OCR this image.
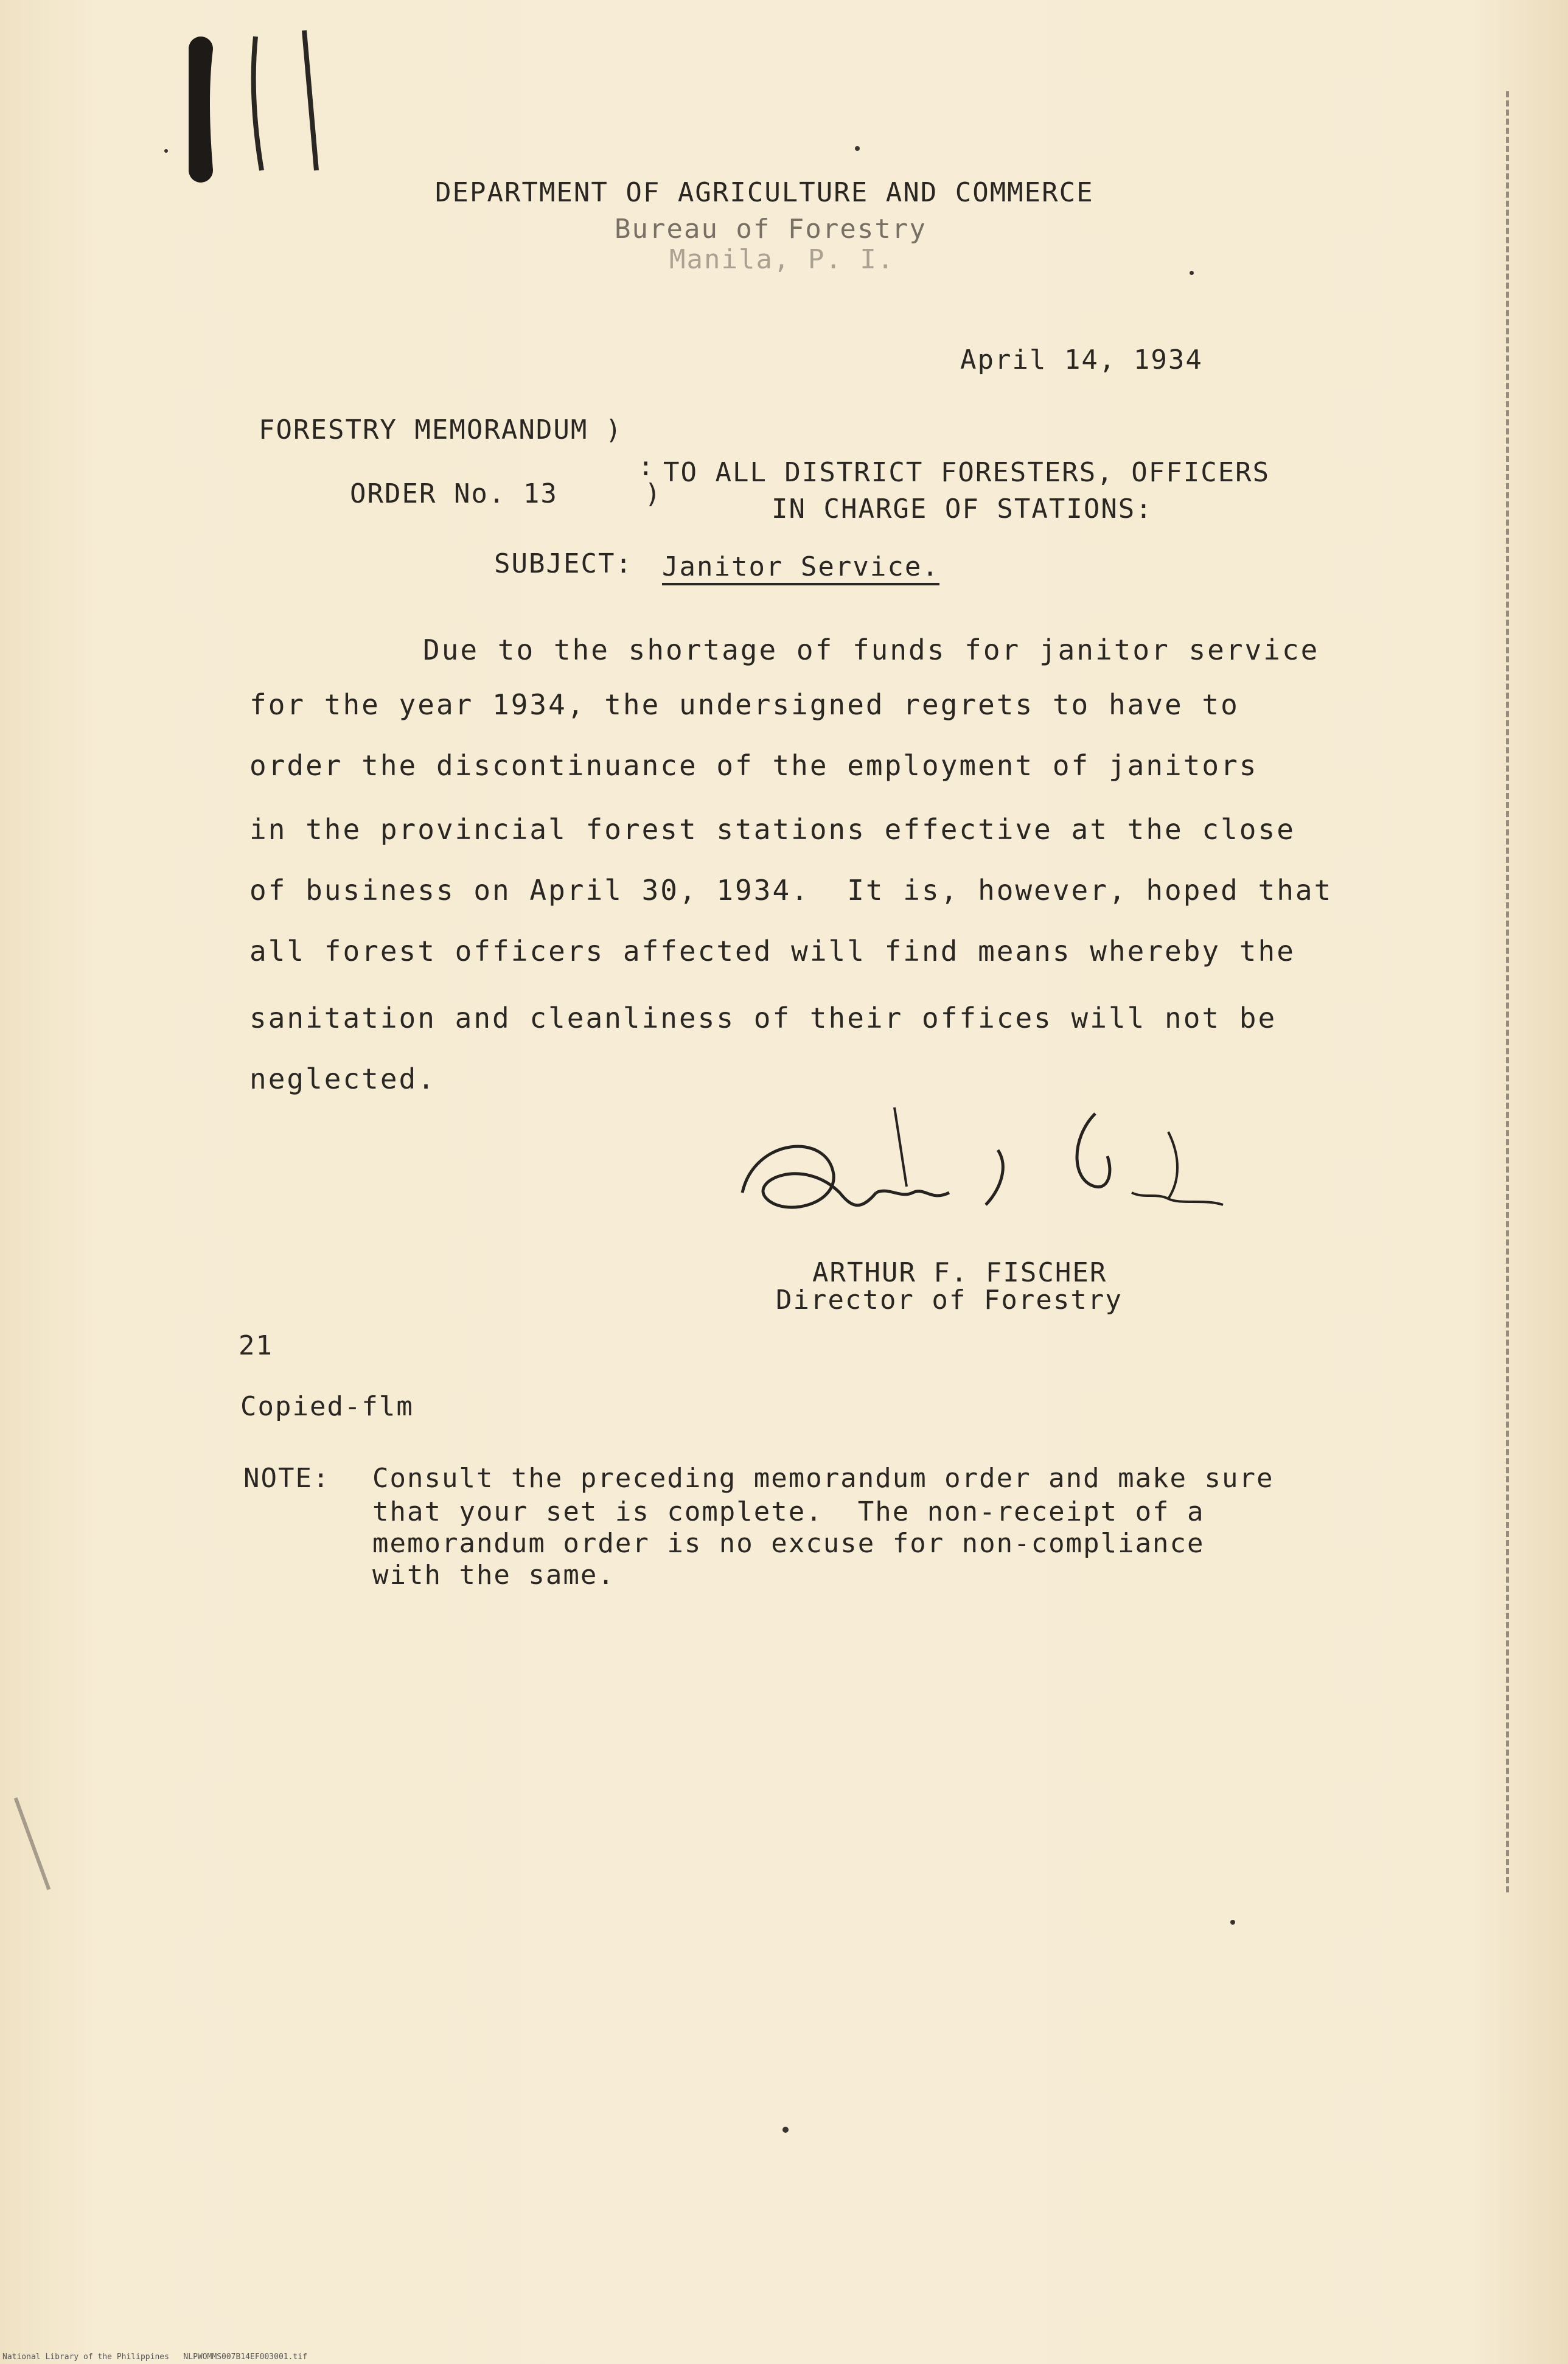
DEPARTMENT OF AGRICULTURE AND COMMERCE
Bureau of Forestry
Manila, P. I.
April 14, 1934
FORESTRY MEMORANDUM )
ORDER No. 13     )
: TO ALL DISTRICT FORESTERS, OFFICERS
IN CHARGE OF STATIONS:
SUBJECT: Janitor Service.
Due to the shortage of funds for janitor service
for the year 1934, the undersigned regrets to have to
order the discontinuance of the employment of janitors
in the provincial forest stations effective at the close
of business on April 30, 1934.  It is, however, hoped that
all forest officers affected will find means whereby the
sanitation and cleanliness of their offices will not be
neglected.
ARTHUR F. FISCHER
Director of Forestry
21
Copied-flm
NOTE: Consult the preceding memorandum order and make sure
that your set is complete.  The non-receipt of a
memorandum order is no excuse for non-compliance
with the same.
National Library of the Philippines   NLPWOMMS007B14EF003001.tif
